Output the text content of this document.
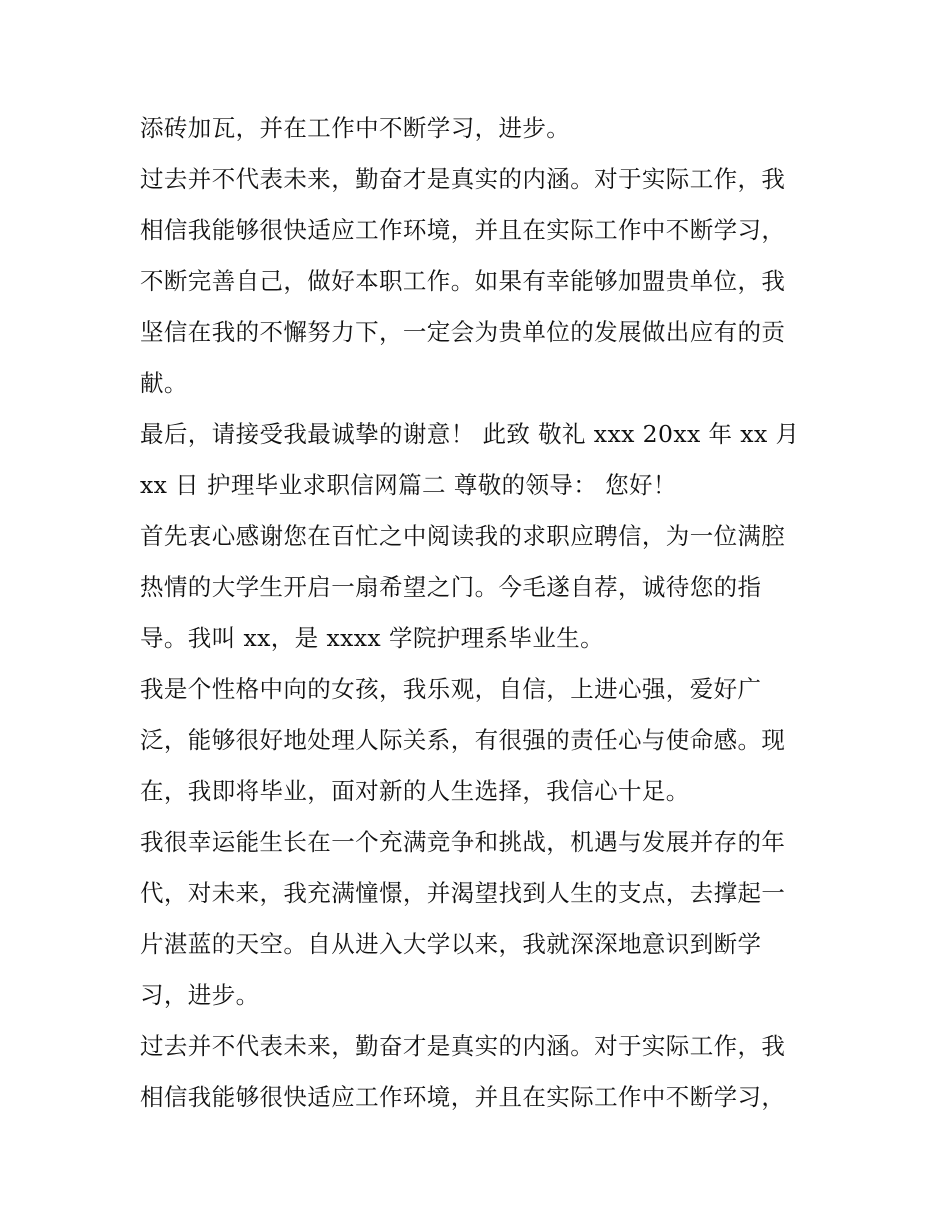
添砖加瓦，并在工作中不断学习，进步。
过去并不代表未来，勤奋才是真实的内涵。对于实际工作，我
相信我能够很快适应工作环境，并且在实际工作中不断学习，
不断完善自己，做好本职工作。如果有幸能够加盟贵单位，我
坚信在我的不懈努力下，一定会为贵单位的发展做出应有的贡
献。
最后，请接受我最诚挚的谢意！ 此致 敬礼 xxx 20xx 年 xx 月
xx 日 护理毕业求职信网篇二 尊敬的领导： 您好！
首先衷心感谢您在百忙之中阅读我的求职应聘信，为一位满腔
热情的大学生开启一扇希望之门。今毛遂自荐，诚待您的指
导。我叫 xx，是 xxxx 学院护理系毕业生。
我是个性格中向的女孩，我乐观，自信，上进心强，爱好广
泛，能够很好地处理人际关系，有很强的责任心与使命感。现
在，我即将毕业，面对新的人生选择，我信心十足。
我很幸运能生长在一个充满竞争和挑战，机遇与发展并存的年
代，对未来，我充满憧憬，并渴望找到人生的支点，去撑起一
片湛蓝的天空。自从进入大学以来，我就深深地意识到断学
习，进步。
过去并不代表未来，勤奋才是真实的内涵。对于实际工作，我
相信我能够很快适应工作环境，并且在实际工作中不断学习，
